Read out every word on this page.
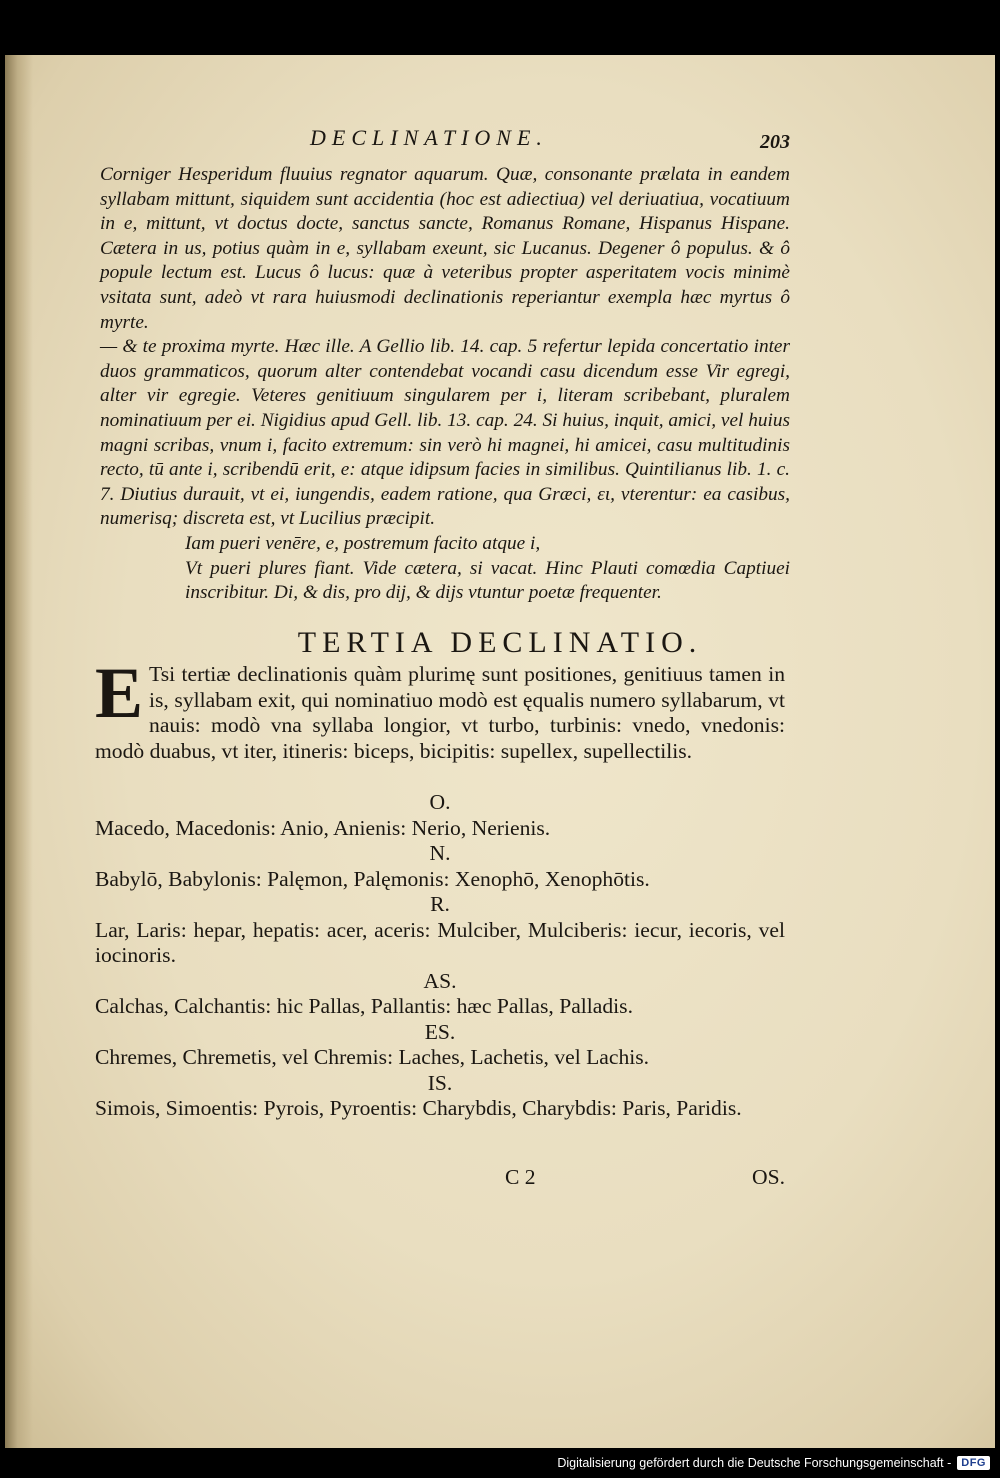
DECLINATIONE.	203

Corniger Hesperidum fluuius regnator aquarum. Quæ, consonante prælata in eandem syllabam mittunt, siquidem sunt accidentia (hoc est adiectiua) vel deriuatiua, vocatiuum in e, mittunt, vt doctus docte, sanctus sancte, Romanus Romane, Hispanus Hispane. Cætera in us, potius quàm in e, syllabam exeunt, sic Lucanus. Degener ô populus. & ô popule lectum est. Lucus ô lucus: quæ à veteribus propter asperitatem vocis minimè vsitata sunt, adeò vt rara huiusmodi declinationis reperiantur exempla hæc myrtus ô myrte.

— & te proxima myrte. Hæc ille. A Gellio lib. 14. cap. 5 refertur lepida concertatio inter duos grammaticos, quorum alter contendebat vocandi casu dicendum esse Vir egregi, alter vir egregie. Veteres genitiuum singularem per i, literam scribebant, pluralem nominatiuum per ei. Nigidius apud Gell. lib. 13. cap. 24. Si huius, inquit, amici, vel huius magni scribas, vnum i, facito extremum: sin verò hi magnei, hi amicei, casu multitudinis recto, tū ante i, scribendū erit, e: atque idipsum facies in similibus. Quintilianus lib. 1. c. 7. Diutius durauit, vt ei, iungendis, eadem ratione, qua Græci, ει, vterentur: ea casibus, numerisq; discreta est, vt Lucilius præcipit.

Iam pueri venēre, e, postremum facito atque i,

Vt pueri plures fiant. Vide cætera, si vacat. Hinc Plauti comœdia Captiuei inscribitur. Di, & dis, pro dij, & dijs vtuntur poetæ frequenter.

TERTIA DECLINATIO.

E Tsi tertiæ declinationis quàm plurimę sunt positiones, genitiuus tamen in is, syllabam exit, qui nominatiuo modò est ęqualis numero syllabarum, vt nauis: modò vna syllaba longior, vt turbo, turbinis: vnedo, vnedonis: modò duabus, vt iter, itineris: biceps, bicipitis: supellex, supellectilis.

O.

Macedo, Macedonis: Anio, Anienis: Nerio, Nerienis.

N.

Babylō, Babylonis: Palęmon, Palęmonis: Xenophō, Xenophōtis.

R.

Lar, Laris: hepar, hepatis: acer, aceris: Mulciber, Mulciberis: iecur, iecoris, vel iocinoris.

AS.

Calchas, Calchantis: hic Pallas, Pallantis: hæc Pallas, Palladis.

ES.

Chremes, Chremetis, vel Chremis: Laches, Lachetis, vel Lachis.

IS.

Simois, Simoentis: Pyrois, Pyroentis: Charybdis, Charybdis: Paris, Paridis.

C 2	OS.
Digitalisierung gefördert durch die Deutsche Forschungsgemeinschaft - DFG
